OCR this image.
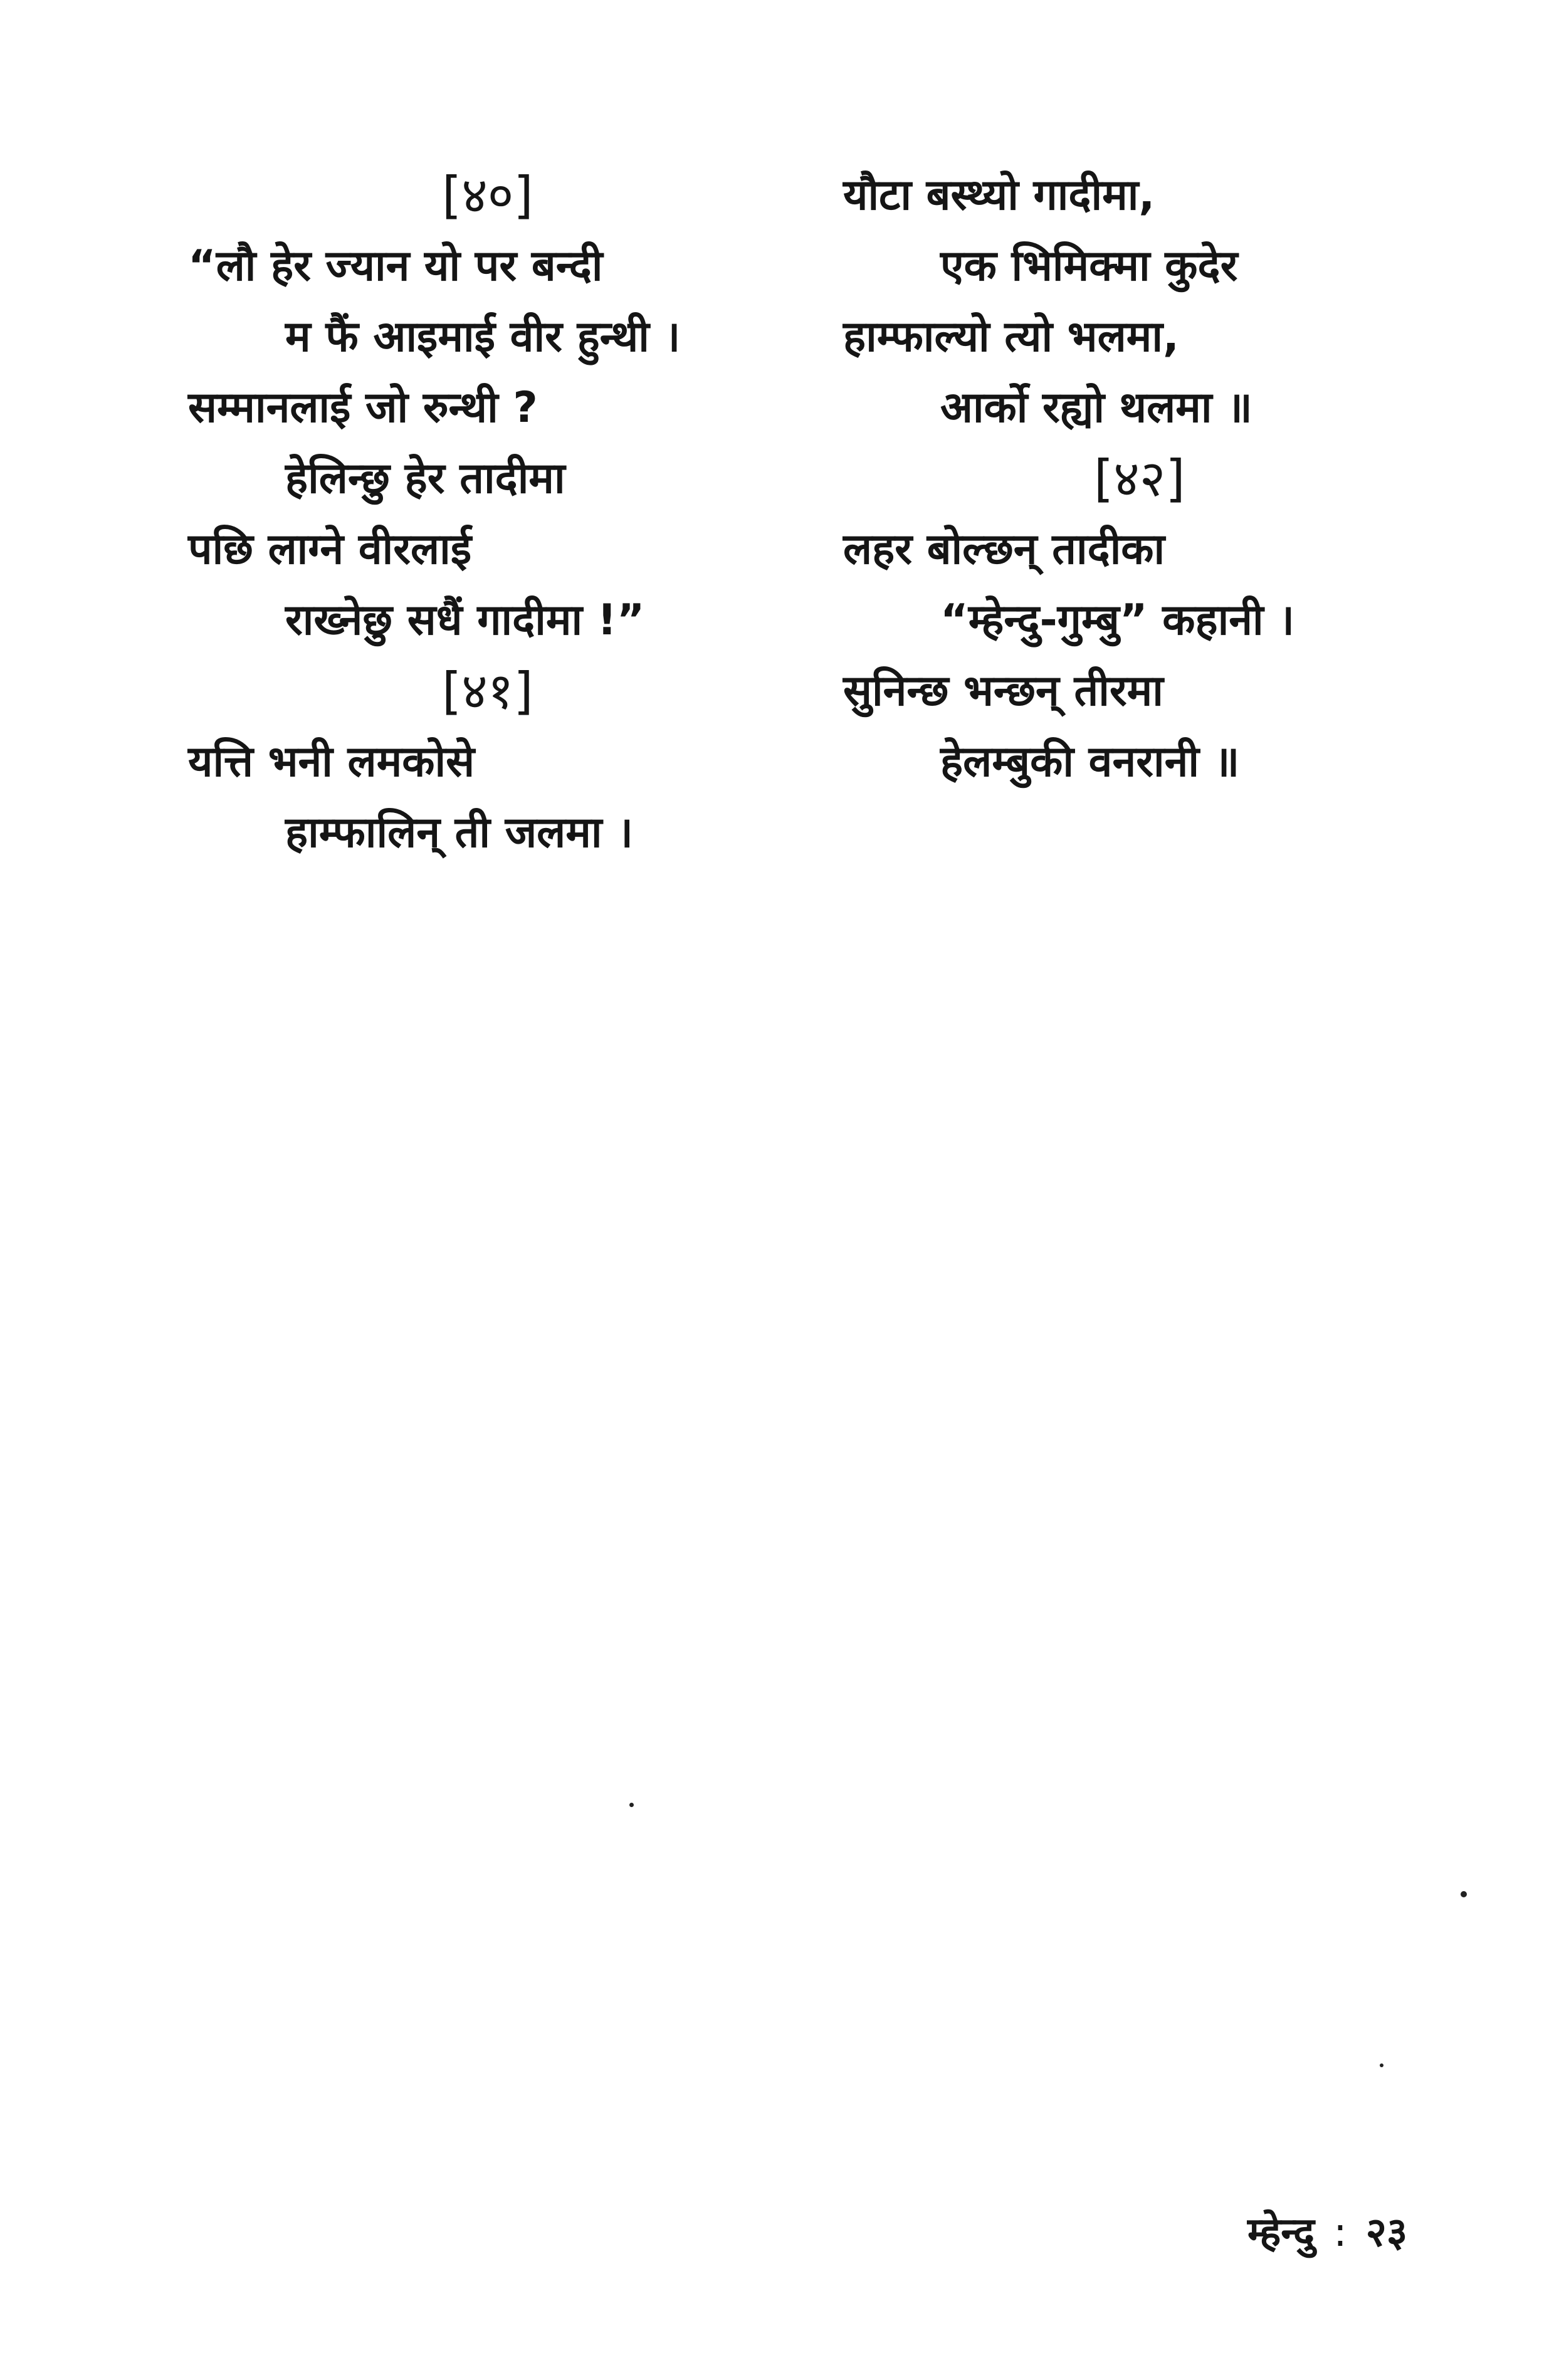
[४०]
“लौ हेर ज्यान यो पर बन्दी
म फैं आइमाई वीर हुन्थी ।
सम्मानलाई जो रुन्थी ?
हेलिन्छु हेर तादीमा
पछि लाग्ने वीरलाई
राख्नेछु सधैं गादीमा !”
[४१]
यत्ति भनी लमकोसे
हाम्फालिन् ती जलमा ।
यौटा बस्थ्यो गादीमा,
एक भिमिक्मा कुदेर
हाम्फाल्यो त्यो भलमा,
आर्को रह्यो थलमा ॥
[४२]
लहर बोल्छन् तादीका
“म्हेन्दु-गुम्बु” कहानी ।
सुनिन्छ भन्छन् तीरमा
हेलम्बुकी वनरानी ॥
म्हेन्दु : २३
